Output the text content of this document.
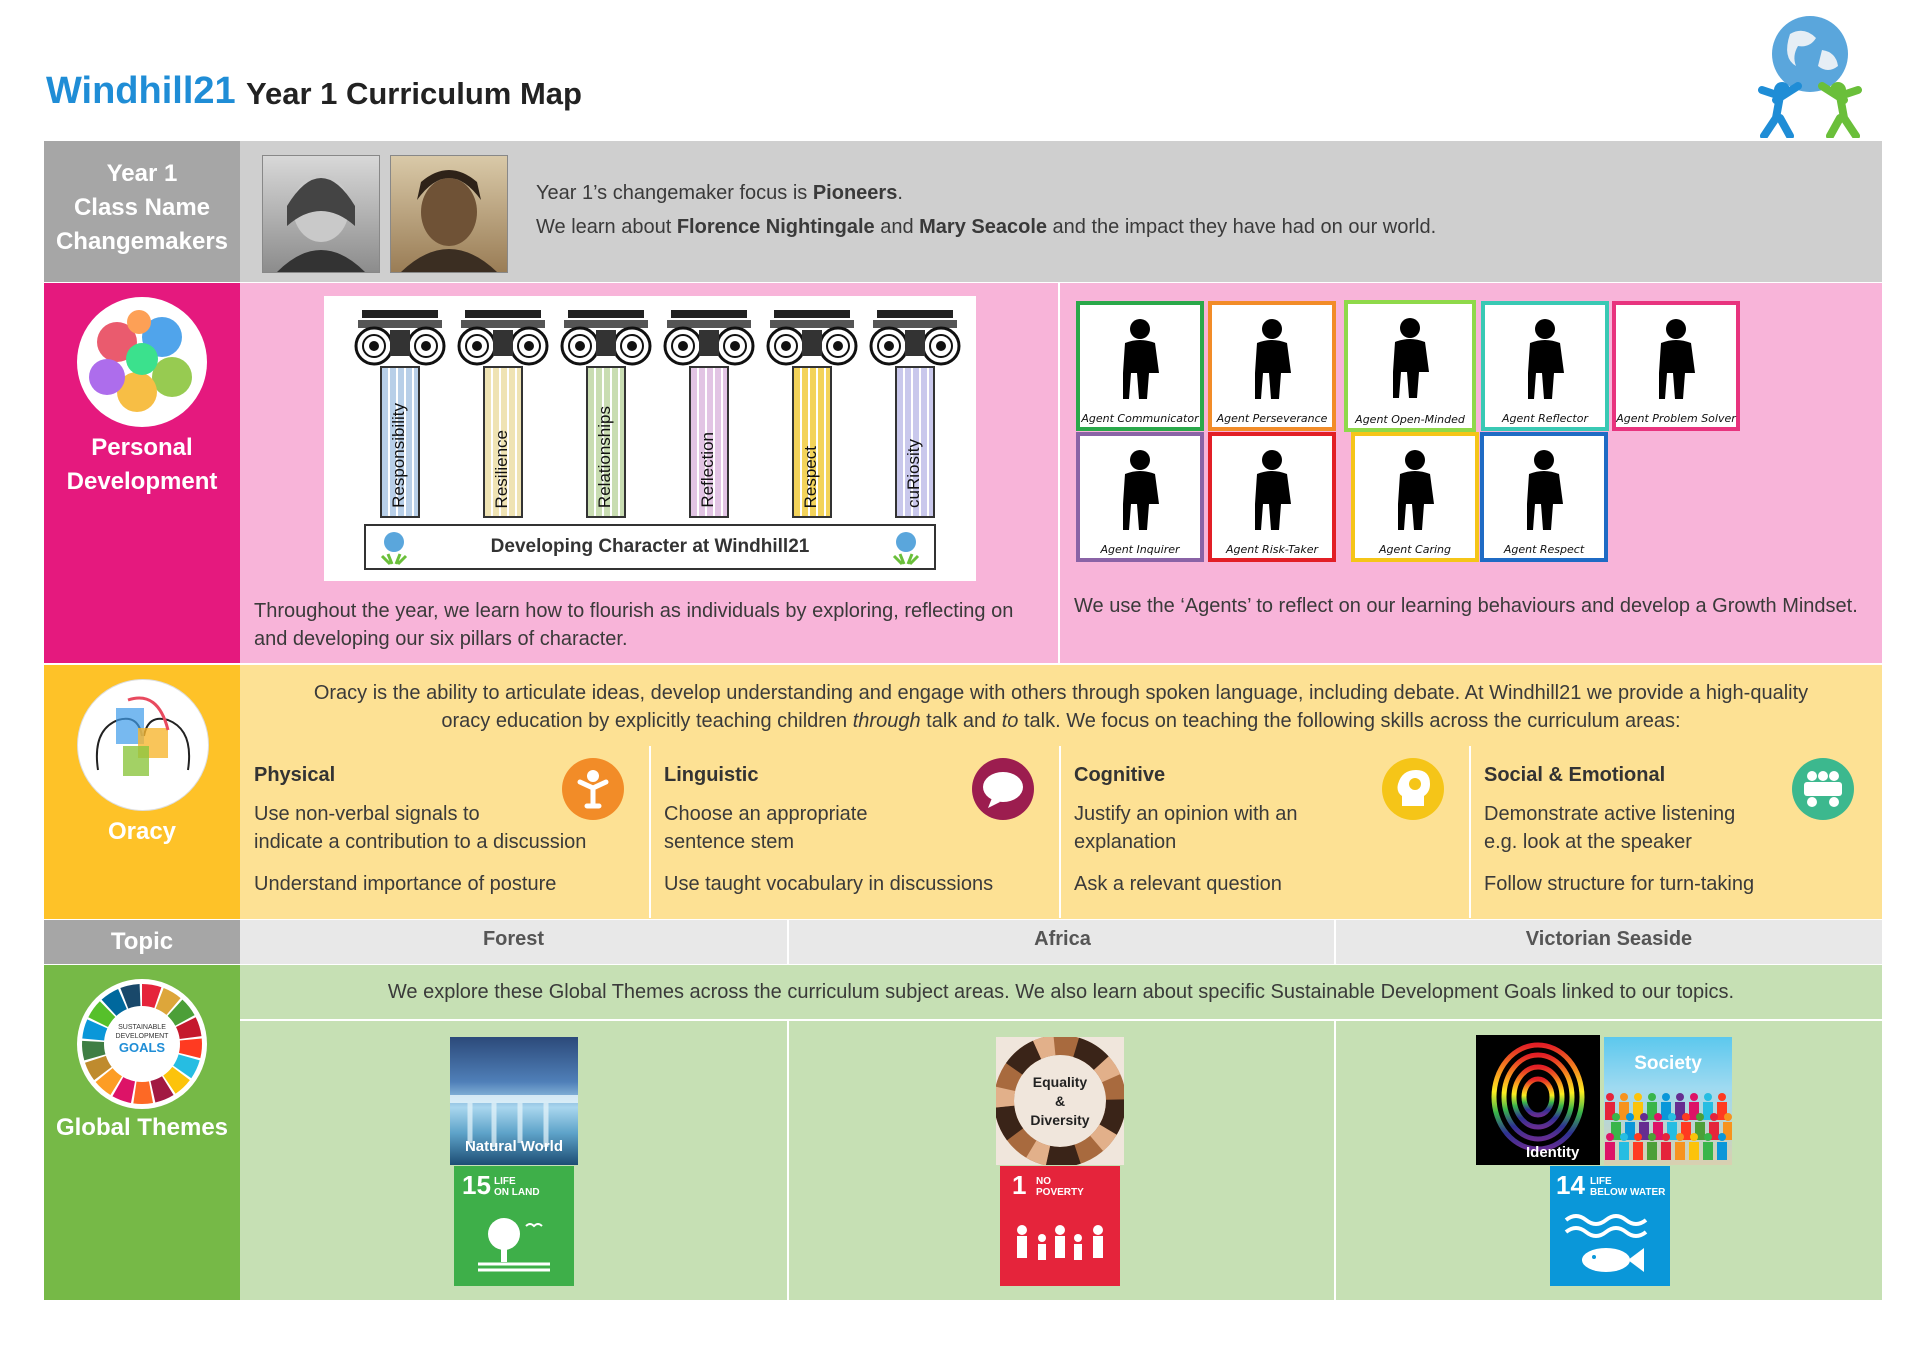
Windhill21 Year 1 Curriculum Map
Year 1
Class Name
Changemakers
Year 1’s changemaker focus is Pioneers.
We learn about Florence Nightingale and Mary Seacole and the impact they have had on our world.
Personal
Development	Responsibility	Resilience	Relationships	Reflection	Respect	cuRiosity
Developing Character at Windhill21
Throughout the year, we learn how to flourish as individuals by exploring, reflecting on and developing our six pillars of character.
Agent Communicator	Agent Perseverance	Agent Open-Minded	Agent Reflector	Agent Problem Solver
Agent Inquirer	Agent Risk-Taker	Agent Caring	Agent Respect
We use the ‘Agents’ to reflect on our learning behaviours and develop a Growth Mindset.
Oracy
Oracy is the ability to articulate ideas, develop understanding and engage with others through spoken language, including debate. At Windhill21 we provide a high-quality
oracy education by explicitly teaching children through talk and to talk. We focus on teaching the following skills across the curriculum areas:
Physical
Use non-verbal signals to
indicate a contribution to a discussion
Understand importance of posture
Linguistic
Choose an appropriate
sentence stem
Use taught vocabulary in discussions
Cognitive
Justify an opinion with an
explanation
Ask a relevant question
Social & Emotional
Demonstrate active listening
e.g. look at the speaker
Follow structure for turn-taking
Topic	Forest	Africa	Victorian Seaside
SUSTAINABLE
DEVELOPMENT
GOALS
Global Themes
We explore these Global Themes across the curriculum subject areas. We also learn about specific Sustainable Development Goals linked to our topics.
Natural World
15 LIFE
ON LAND
Equality
&
Diversity
1 NO
POVERTY
Identity
Society
14 LIFE
BELOW WATER
